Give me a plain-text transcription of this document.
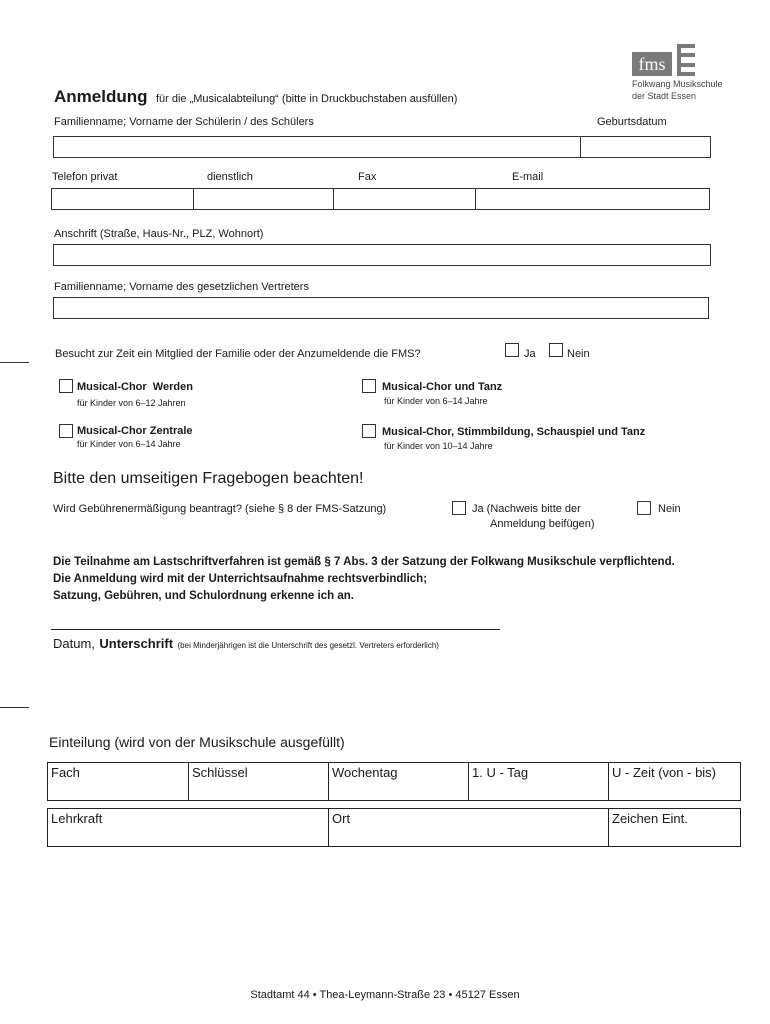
fms
Folkwang Musikschule
der Stadt Essen
Anmeldung für die „Musicalabteilung“ (bitte in Druckbuchstaben ausfüllen)
Familienname; Vorname der Schülerin / des Schülers	Geburtsdatum
Telefon privat	dienstlich	Fax	E-mail
Anschrift (Straße, Haus-Nr., PLZ, Wohnort)
Familienname; Vorname des gesetzlichen Vertreters
Besucht zur Zeit ein Mitglied der Familie oder der Anzumeldende die FMS?	Ja	Nein
Musical-Chor  Werden
für Kinder von 6–12 Jahren
Musical-Chor und Tanz
für Kinder von 6–14 Jahre
Musical-Chor Zentrale
für Kinder von 6–14 Jahre
Musical-Chor, Stimmbildung, Schauspiel und Tanz
für Kinder von 10–14 Jahre
Bitte den umseitigen Fragebogen beachten!
Wird Gebührenermäßigung beantragt? (siehe § 8 der FMS-Satzung)	Ja (Nachweis bitte der
Anmeldung beifügen)
Nein
Die Teilnahme am Lastschriftverfahren ist gemäß § 7 Abs. 3 der Satzung der Folkwang Musikschule verpflichtend.
Die Anmeldung wird mit der Unterrichtsaufnahme rechtsverbindlich;
Satzung, Gebühren, und Schulordnung erkenne ich an.
Datum, Unterschrift (bei Minderjährigen ist die Unterschrift des gesetzl. Vertreters erforderlich)
Einteilung (wird von der Musikschule ausgefüllt)
Fach	Schlüssel	Wochentag	1. U - Tag	U - Zeit (von - bis)
Lehrkraft	Ort	Zeichen Eint.
Stadtamt 44 • Thea-Leymann-Straße 23 • 45127 Essen
